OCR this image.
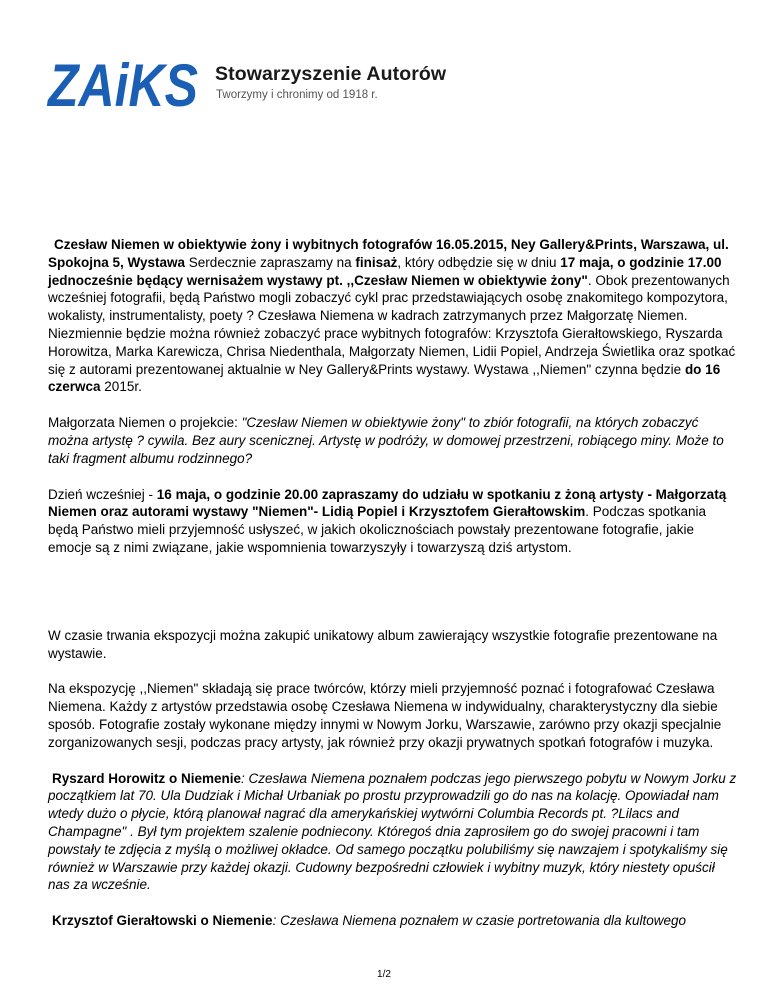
ZAiKS Stowarzyszenie Autorów
Tworzymy i chronimy od 1918 r.

Czesław Niemen w obiektywie żony i wybitnych fotografów 16.05.2015, Ney Gallery&Prints, Warszawa, ul. Spokojna 5, Wystawa Serdecznie zapraszamy na finisaż, który odbędzie się w dniu 17 maja, o godzinie 17.00 jednocześnie będący wernisażem wystawy pt. ,,Czesław Niemen w obiektywie żony". Obok prezentowanych wcześniej fotografii, będą Państwo mogli zobaczyć cykl prac przedstawiających osobę znakomitego kompozytora, wokalisty, instrumentalisty, poety ? Czesława Niemena w kadrach zatrzymanych przez Małgorzatę Niemen. Niezmiennie będzie można również zobaczyć prace wybitnych fotografów: Krzysztofa Gierałtowskiego, Ryszarda Horowitza, Marka Karewicza, Chrisa Niedenthala, Małgorzaty Niemen, Lidii Popiel, Andrzeja Świetlika oraz spotkać się z autorami prezentowanej aktualnie w Ney Gallery&Prints wystawy. Wystawa ,,Niemen" czynna będzie do 16 czerwca 2015r.

Małgorzata Niemen o projekcie: "Czesław Niemen w obiektywie żony" to zbiór fotografii, na których zobaczyć można artystę ? cywila. Bez aury scenicznej. Artystę w podróży, w domowej przestrzeni, robiącego miny. Może to taki fragment albumu rodzinnego?

Dzień wcześniej - 16 maja, o godzinie 20.00 zapraszamy do udziału w spotkaniu z żoną artysty - Małgorzatą Niemen oraz autorami wystawy "Niemen"- Lidią Popiel i Krzysztofem Gierałtowskim. Podczas spotkania będą Państwo mieli przyjemność usłyszeć, w jakich okolicznościach powstały prezentowane fotografie, jakie emocje są z nimi związane, jakie wspomnienia towarzyszyły i towarzyszą dziś artystom.

W czasie trwania ekspozycji można zakupić unikatowy album zawierający wszystkie fotografie prezentowane na wystawie.

Na ekspozycję ,,Niemen" składają się prace twórców, którzy mieli przyjemność poznać i fotografować Czesława Niemena. Każdy z artystów przedstawia osobę Czesława Niemena w indywidualny, charakterystyczny dla siebie sposób. Fotografie zostały wykonane między innymi w Nowym Jorku, Warszawie, zarówno przy okazji specjalnie zorganizowanych sesji, podczas pracy artysty, jak również przy okazji prywatnych spotkań fotografów i muzyka.

Ryszard Horowitz o Niemenie: Czesława Niemena poznałem podczas jego pierwszego pobytu w Nowym Jorku z początkiem lat 70. Ula Dudziak i Michał Urbaniak po prostu przyprowadzili go do nas na kolację. Opowiadał nam wtedy dużo o płycie, którą planował nagrać dla amerykańskiej wytwórni Columbia Records pt. ?Lilacs and Champagne" . Był tym projektem szalenie podniecony. Któregoś dnia zaprosiłem go do swojej pracowni i tam powstały te zdjęcia z myślą o możliwej okładce. Od samego początku polubiliśmy się nawzajem i spotykaliśmy się również w Warszawie przy każdej okazji. Cudowny bezpośredni człowiek i wybitny muzyk, który niestety opuścił nas za wcześnie.

Krzysztof Gierałtowski o Niemenie: Czesława Niemena poznałem w czasie portretowania dla kultowego

1/2
